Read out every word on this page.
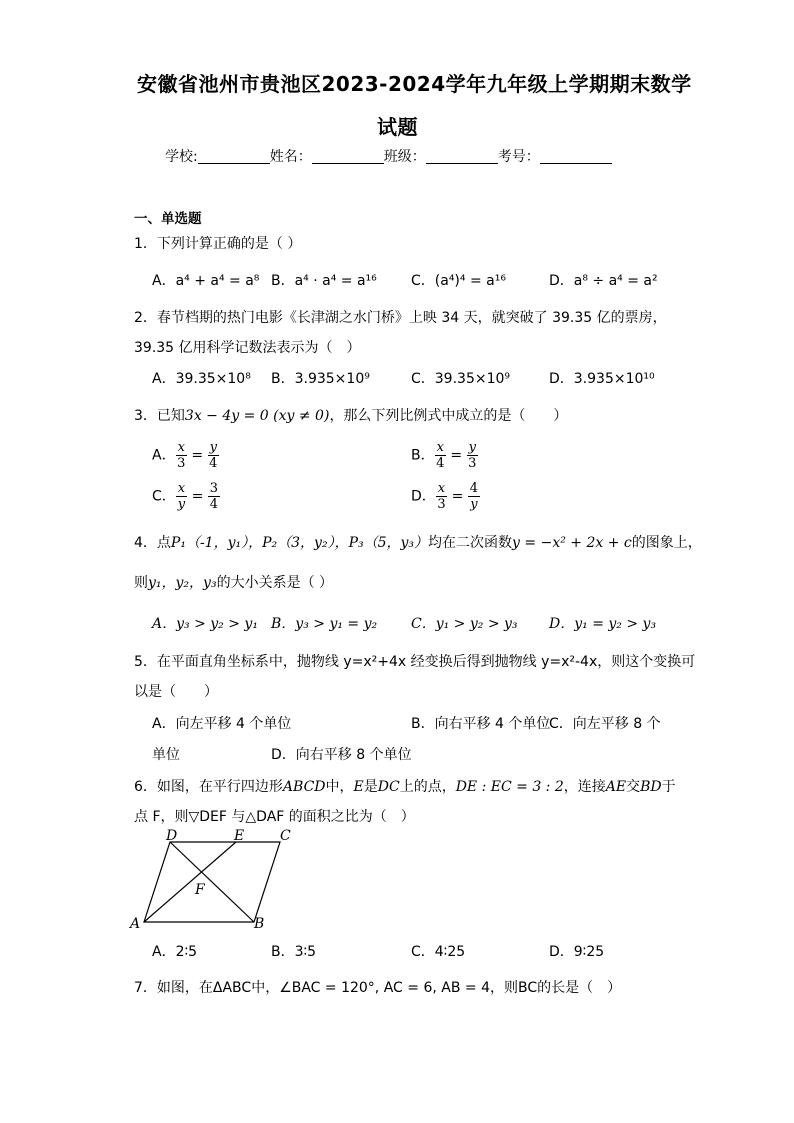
安徽省池州市贵池区2023-2024学年九年级上学期期末数学
试题
学校:	姓名：	班级：	考号：
一、单选题
1．下列计算正确的是（ ）
A．a⁴ + a⁴ = a⁸ B．a⁴ · a⁴ = a¹⁶ C．(a⁴)⁴ = a¹⁶	D．a⁸ ÷ a⁴ = a²
2．春节档期的热门电影《长津湖之水门桥》上映 34 天，就突破了 39.35 亿的票房，
39.35 亿用科学记数法表示为（　）
A．39.35×10⁸ B．3.935×10⁹	C．39.35×10⁹	D．3.935×10¹⁰
3．已知3x − 4y = 0 (xy ≠ 0)，那么下列比例式中成立的是（　　）
A． $\frac{x}{3} = \frac{y}{4}$	B． $\frac{x}{4} = \frac{y}{3}$
C． $\frac{x}{y} = \frac{3}{4}$	D． $\frac{x}{3} = \frac{4}{y}$
4．点P₁（-1，y₁），P₂（3，y₂），P₃（5，y₃）均在二次函数y = −x² + 2x + c的图象上，
则y₁，y₂，y₃的大小关系是（ ）
A．y₃ > y₂ > y₁ B．y₃ > y₁ = y₂ C．y₁ > y₂ > y₃ D．y₁ = y₂ > y₃
5．在平面直角坐标系中，抛物线 y=x²+4x 经变换后得到抛物线 y=x²-4x，则这个变换可
以是（　　）
A．向左平移 4 个单位	B．向右平移 4 个单位
C．向左平移 8 个
单位	D．向右平移 8 个单位
6．如图，在平行四边形ABCD中，E是DC上的点，DE : EC = 3 : 2，连接AE交BD于
点 F，则▽DEF 与△DAF 的面积之比为（　）
D	E	C
F
A	B
A．2∶5	B．3∶5	C．4∶25	D．9∶25
7．如图，在ΔABC中，∠BAC = 120°, AC = 6, AB = 4，则BC的长是（　）
